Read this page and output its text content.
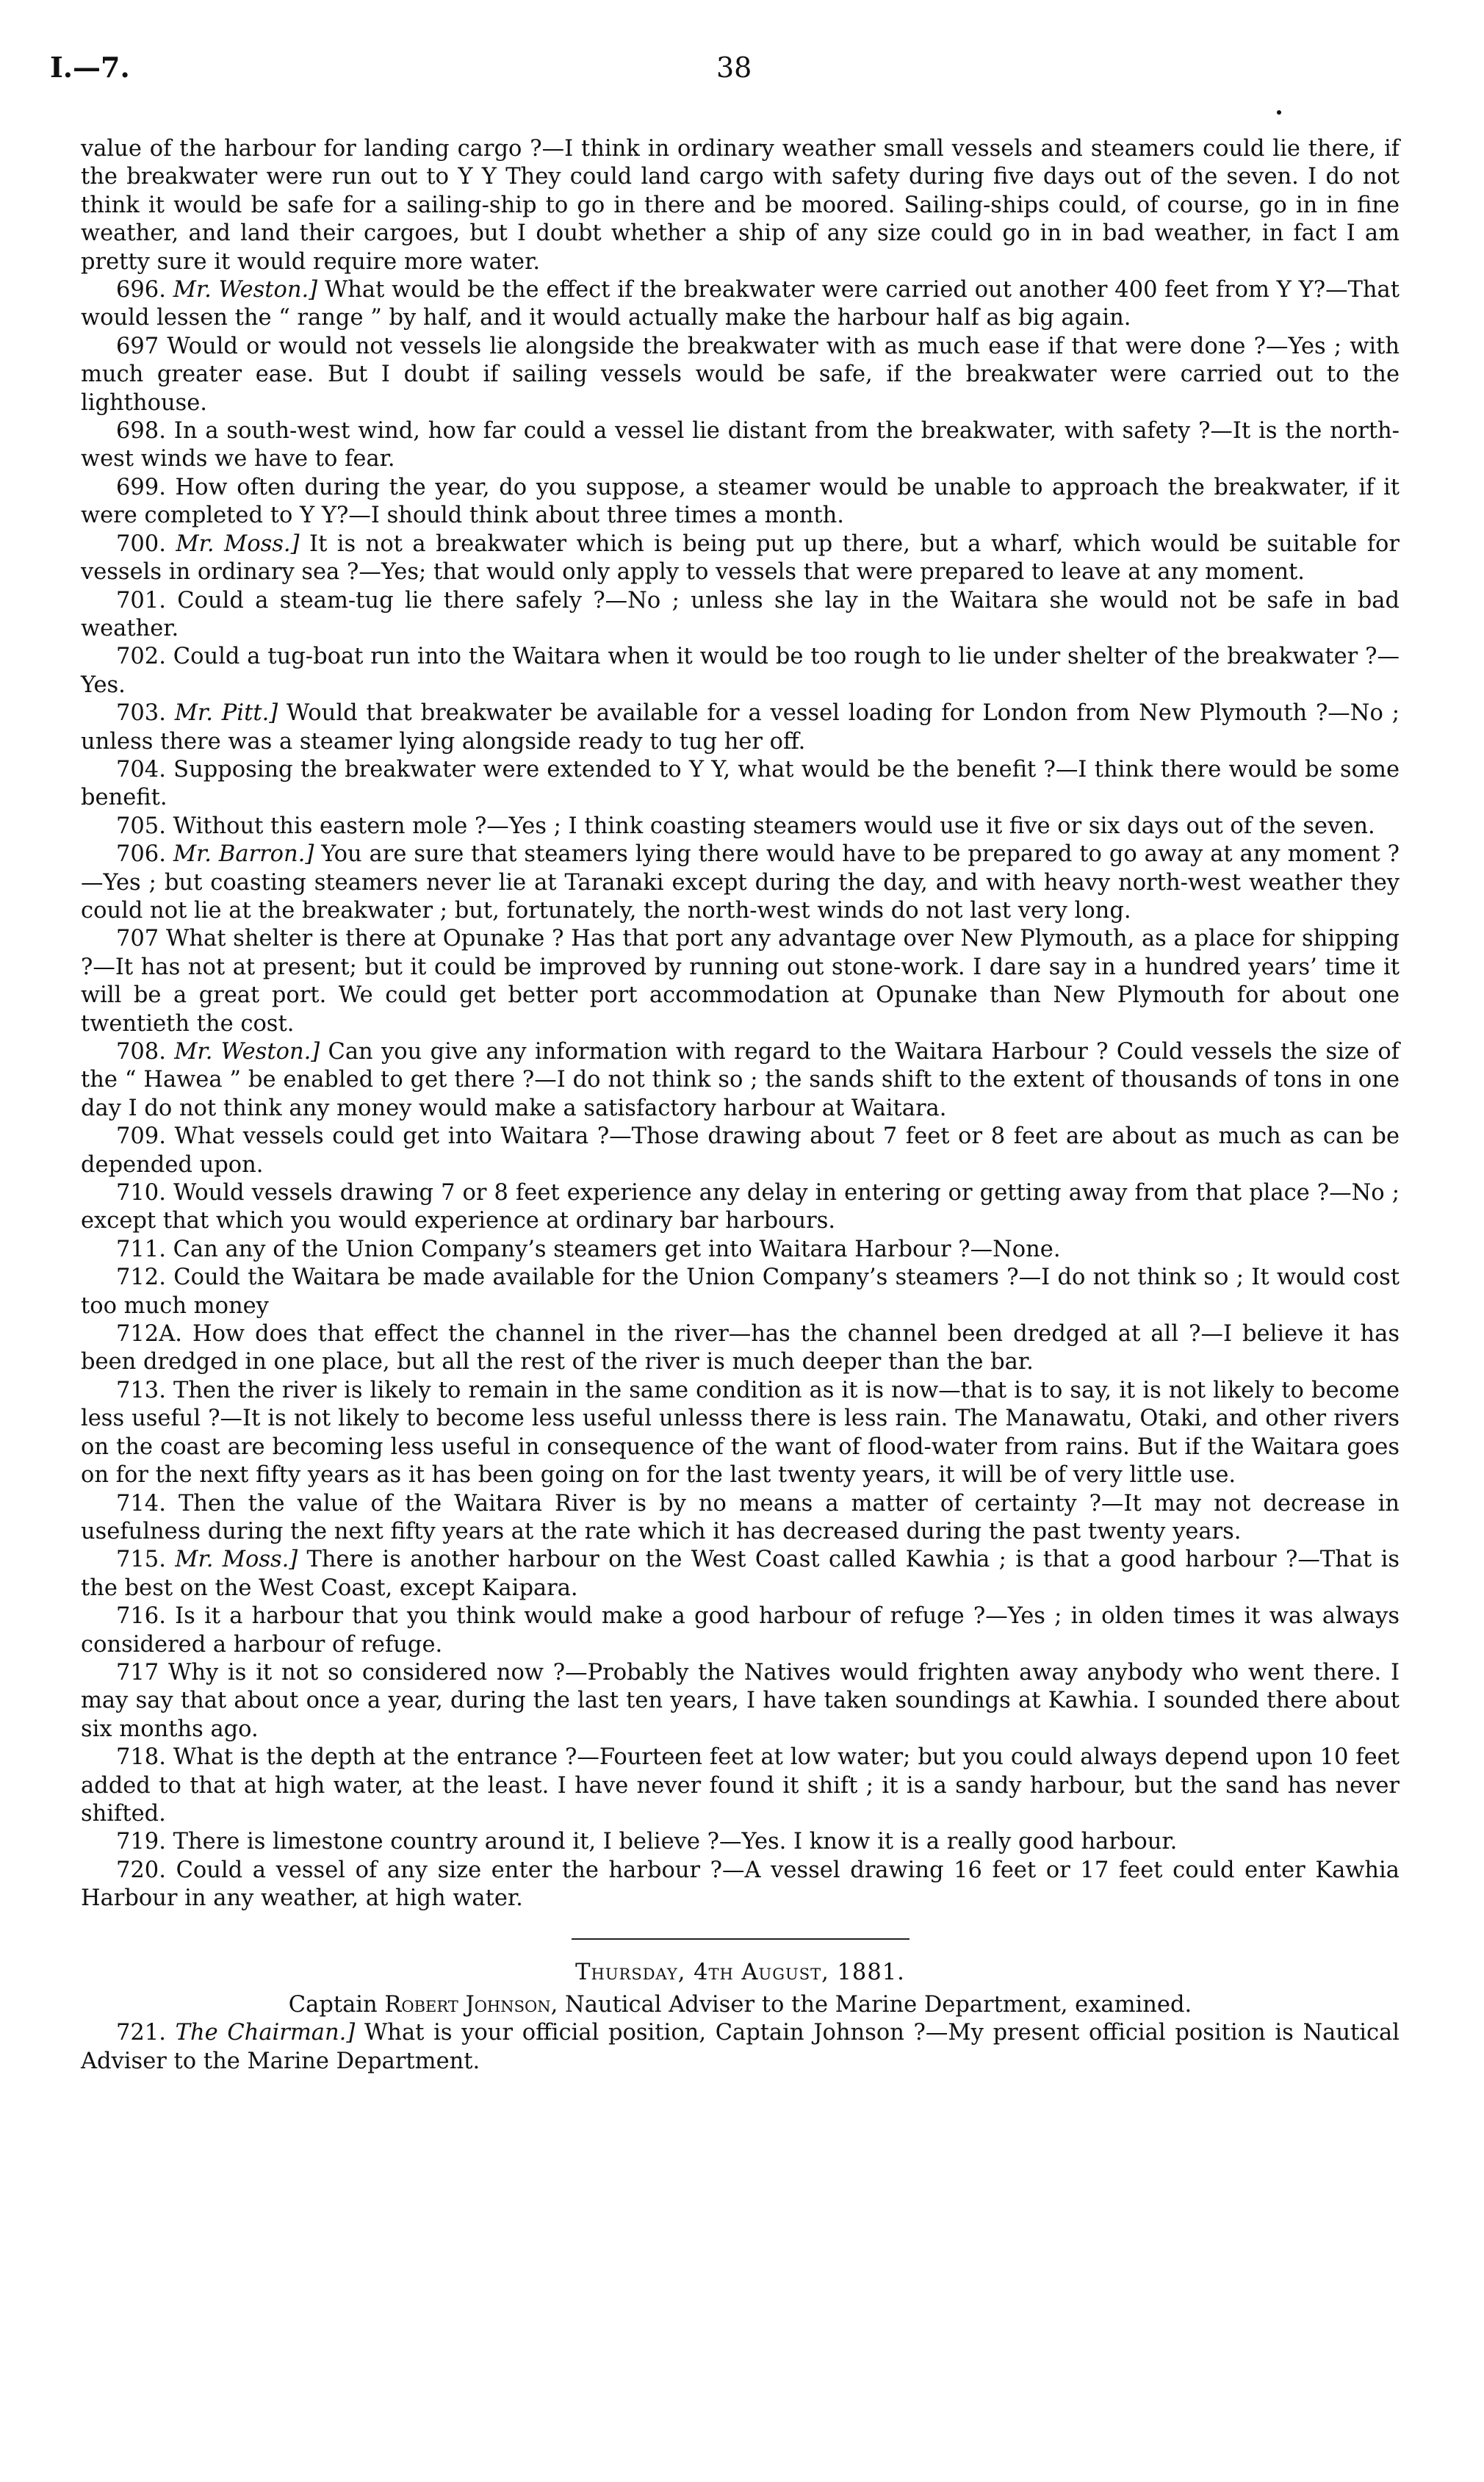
I.—7.	38

value of the harbour for landing cargo ?—I think in ordinary weather small vessels and steamers could lie there, if the breakwater were run out to Y Y They could land cargo with safety during five days out of the seven. I do not think it would be safe for a sailing-ship to go in there and be moored. Sailing-ships could, of course, go in in fine weather, and land their cargoes, but I doubt whether a ship of any size could go in in bad weather, in fact I am pretty sure it would require more water.

696. Mr. Weston.] What would be the effect if the breakwater were carried out another 400 feet from Y Y?—That would lessen the “ range ” by half, and it would actually make the harbour half as big again.

697 Would or would not vessels lie alongside the breakwater with as much ease if that were done ?—Yes ; with much greater ease. But I doubt if sailing vessels would be safe, if the breakwater were carried out to the lighthouse.

698. In a south-west wind, how far could a vessel lie distant from the breakwater, with safety ?—It is the north-west winds we have to fear.

699. How often during the year, do you suppose, a steamer would be unable to approach the breakwater, if it were completed to Y Y?—I should think about three times a month.

700. Mr. Moss.] It is not a breakwater which is being put up there, but a wharf, which would be suitable for vessels in ordinary sea ?—Yes; that would only apply to vessels that were prepared to leave at any moment.

701. Could a steam-tug lie there safely ?—No ; unless she lay in the Waitara she would not be safe in bad weather.

702. Could a tug-boat run into the Waitara when it would be too rough to lie under shelter of the breakwater ?—Yes.

703. Mr. Pitt.] Would that breakwater be available for a vessel loading for London from New Plymouth ?—No ; unless there was a steamer lying alongside ready to tug her off.

704. Supposing the breakwater were extended to Y Y, what would be the benefit ?—I think there would be some benefit.

705. Without this eastern mole ?—Yes ; I think coasting steamers would use it five or six days out of the seven.

706. Mr. Barron.] You are sure that steamers lying there would have to be prepared to go away at any moment ?—Yes ; but coasting steamers never lie at Taranaki except during the day, and with heavy north-west weather they could not lie at the breakwater ; but, fortunately, the north-west winds do not last very long.

707 What shelter is there at Opunake ? Has that port any advantage over New Plymouth, as a place for shipping ?—It has not at present; but it could be improved by running out stone-work. I dare say in a hundred years’ time it will be a great port. We could get better port accommodation at Opunake than New Plymouth for about one twentieth the cost.

708. Mr. Weston.] Can you give any information with regard to the Waitara Harbour ? Could vessels the size of the “ Hawea ” be enabled to get there ?—I do not think so ; the sands shift to the extent of thousands of tons in one day I do not think any money would make a satisfactory harbour at Waitara.

709. What vessels could get into Waitara ?—Those drawing about 7 feet or 8 feet are about as much as can be depended upon.

710. Would vessels drawing 7 or 8 feet experience any delay in entering or getting away from that place ?—No ; except that which you would experience at ordinary bar harbours.

711. Can any of the Union Company’s steamers get into Waitara Harbour ?—None.

712. Could the Waitara be made available for the Union Company’s steamers ?—I do not think so ; It would cost too much money

712A. How does that effect the channel in the river—has the channel been dredged at all ?—I believe it has been dredged in one place, but all the rest of the river is much deeper than the bar.

713. Then the river is likely to remain in the same condition as it is now—that is to say, it is not likely to become less useful ?—It is not likely to become less useful unlesss there is less rain. The Manawatu, Otaki, and other rivers on the coast are becoming less useful in consequence of the want of flood-water from rains. But if the Waitara goes on for the next fifty years as it has been going on for the last twenty years, it will be of very little use.

714. Then the value of the Waitara River is by no means a matter of certainty ?—It may not decrease in usefulness during the next fifty years at the rate which it has decreased during the past twenty years.

715. Mr. Moss.] There is another harbour on the West Coast called Kawhia ; is that a good harbour ?—That is the best on the West Coast, except Kaipara.

716. Is it a harbour that you think would make a good harbour of refuge ?—Yes ; in olden times it was always considered a harbour of refuge.

717 Why is it not so considered now ?—Probably the Natives would frighten away anybody who went there. I may say that about once a year, during the last ten years, I have taken soundings at Kawhia. I sounded there about six months ago.

718. What is the depth at the entrance ?—Fourteen feet at low water; but you could always depend upon 10 feet added to that at high water, at the least. I have never found it shift ; it is a sandy harbour, but the sand has never shifted.

719. There is limestone country around it, I believe ?—Yes. I know it is a really good harbour.

720. Could a vessel of any size enter the harbour ?—A vessel drawing 16 feet or 17 feet could enter Kawhia Harbour in any weather, at high water.

Thursday, 4th August, 1881.

Captain Robert Johnson, Nautical Adviser to the Marine Department, examined.

721. The Chairman.] What is your official position, Captain Johnson ?—My present official position is Nautical Adviser to the Marine Department.
